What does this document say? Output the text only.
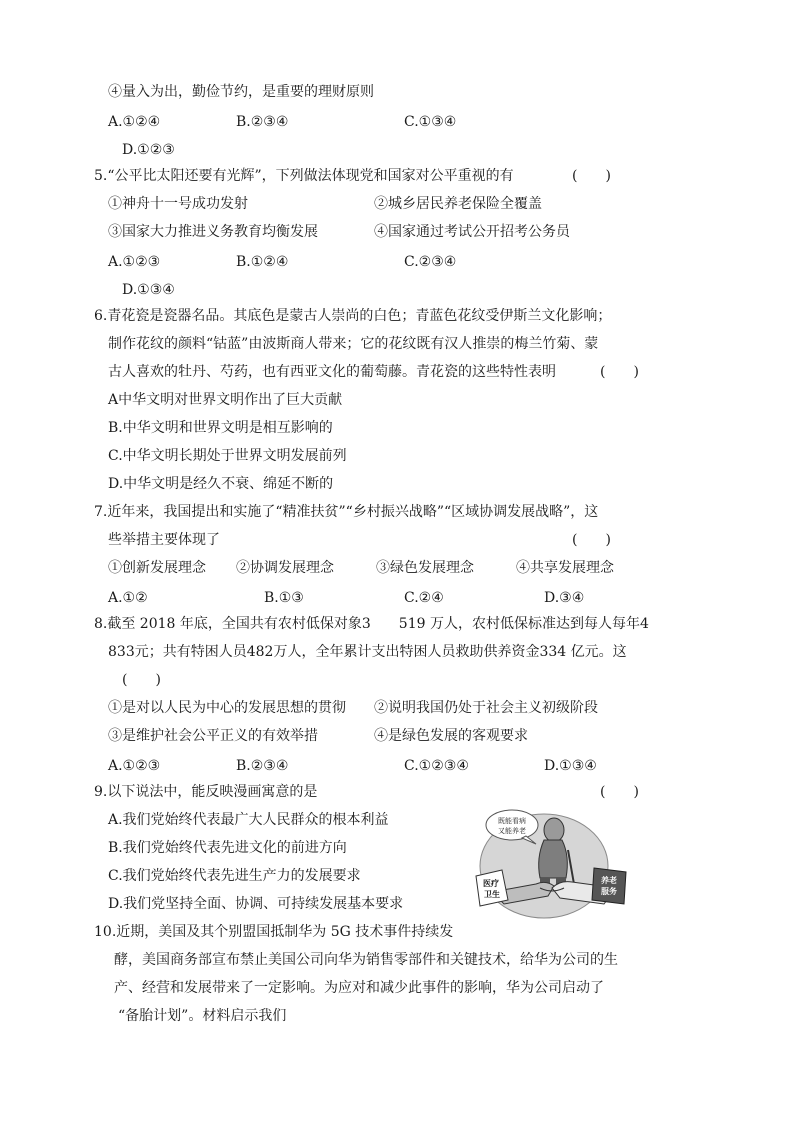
④量入为出，勤俭节约，是重要的理财原则
A.①②④	B.②③④	C.①③④
D.①②③
5.“公平比太阳还要有光辉”，下列做法体现党和国家对公平重视的有	(　　)
①神舟十一号成功发射	②城乡居民养老保险全覆盖
③国家大力推进义务教育均衡发展	④国家通过考试公开招考公务员
A.①②③	B.①②④	C.②③④
D.①③④
6.青花瓷是瓷器名品。其底色是蒙古人崇尚的白色；青蓝色花纹受伊斯兰文化影响；
制作花纹的颜料“钴蓝”由波斯商人带来；它的花纹既有汉人推崇的梅兰竹菊、蒙
古人喜欢的牡丹、芍药，也有西亚文化的葡萄藤。青花瓷的这些特性表明	(　　)
A中华文明对世界文明作出了巨大贡献
B.中华文明和世界文明是相互影响的
C.中华文明长期处于世界文明发展前列
D.中华文明是经久不衰、绵延不断的
7.近年来，我国提出和实施了“精准扶贫”“乡村振兴战略”“区域协调发展战略”，这
些举措主要体现了	(　　)
①创新发展理念 ②协调发展理念	③绿色发展理念	④共享发展理念
A.①②	B.①③	C.②④	D.③④
8.截至 2018 年底，全国共有农村低保对象3　　519 万人，农村低保标准达到每人每年4
833元；共有特困人员482万人，全年累计支出特困人员救助供养资金334 亿元。这
(　　)
①是对以人民为中心的发展思想的贯彻 ②说明我国仍处于社会主义初级阶段
③是维护社会公平正义的有效举措	④是绿色发展的客观要求
A.①②③	B.②③④	C.①②③④	D.①③④
9.以下说法中，能反映漫画寓意的是	(　　)
A.我们党始终代表最广大人民群众的根本利益
B.我们党始终代表先进文化的前进方向
C.我们党始终代表先进生产力的发展要求
D.我们党坚持全面、协调、可持续发展基本要求
既能看病
又能养老
医疗
卫生
养老
服务
10.近期，美国及其个别盟国抵制华为 5G 技术事件持续发
酵，美国商务部宣布禁止美国公司向华为销售零部件和关键技术，给华为公司的生
产、经营和发展带来了一定影响。为应对和减少此事件的影响，华为公司启动了
“备胎计划”。材料启示我们
